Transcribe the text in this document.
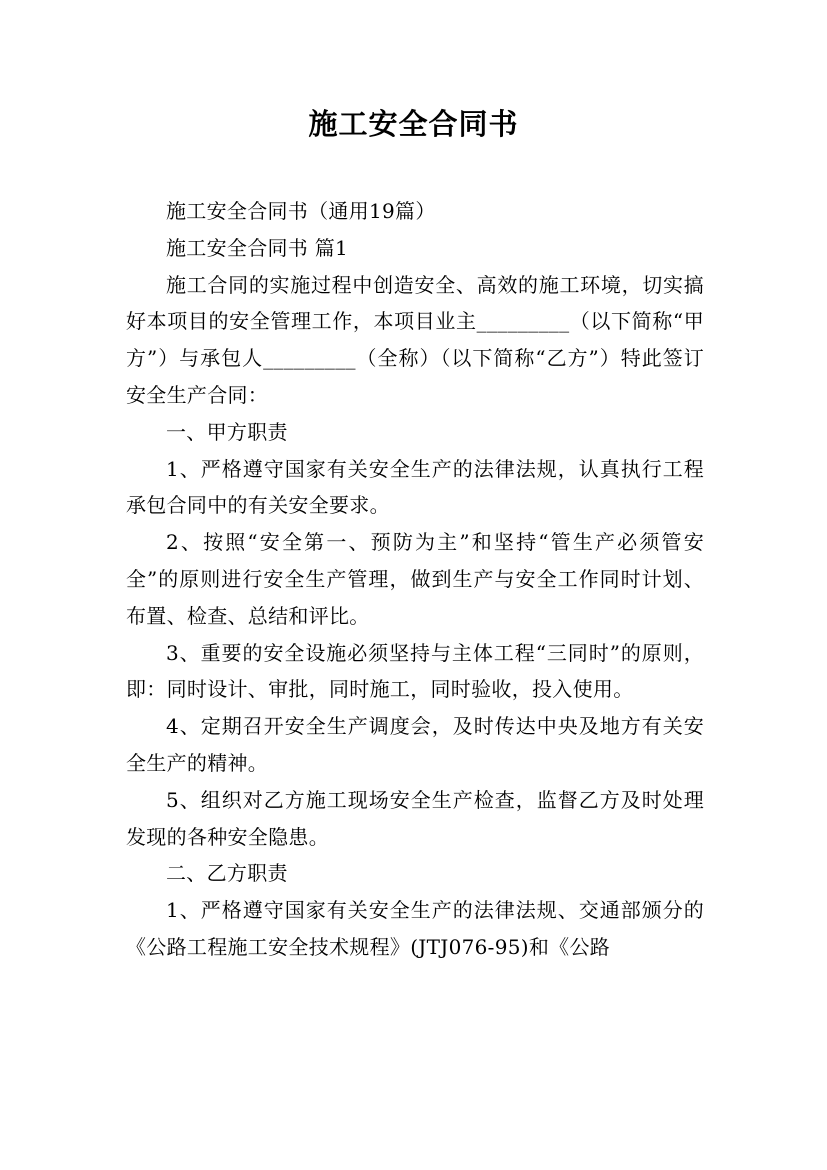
施工安全合同书

施工安全合同书（通用19篇）

施工安全合同书 篇1

施工合同的实施过程中创造安全、高效的施工环境，切实搞好本项目的安全管理工作，本项目业主_________（以下简称“甲方”）与承包人_________（全称）（以下简称“乙方”）特此签订安全生产合同：

一、甲方职责

1、严格遵守国家有关安全生产的法律法规，认真执行工程承包合同中的有关安全要求。

2、按照“安全第一、预防为主”和坚持“管生产必须管安全”的原则进行安全生产管理，做到生产与安全工作同时计划、布置、检查、总结和评比。

3、重要的安全设施必须坚持与主体工程“三同时”的原则，即：同时设计、审批，同时施工，同时验收，投入使用。

4、定期召开安全生产调度会，及时传达中央及地方有关安全生产的精神。

5、组织对乙方施工现场安全生产检查，监督乙方及时处理发现的各种安全隐患。

二、乙方职责

1、严格遵守国家有关安全生产的法律法规、交通部颁分的《公路工程施工安全技术规程》(JTJ076-95)和《公路
